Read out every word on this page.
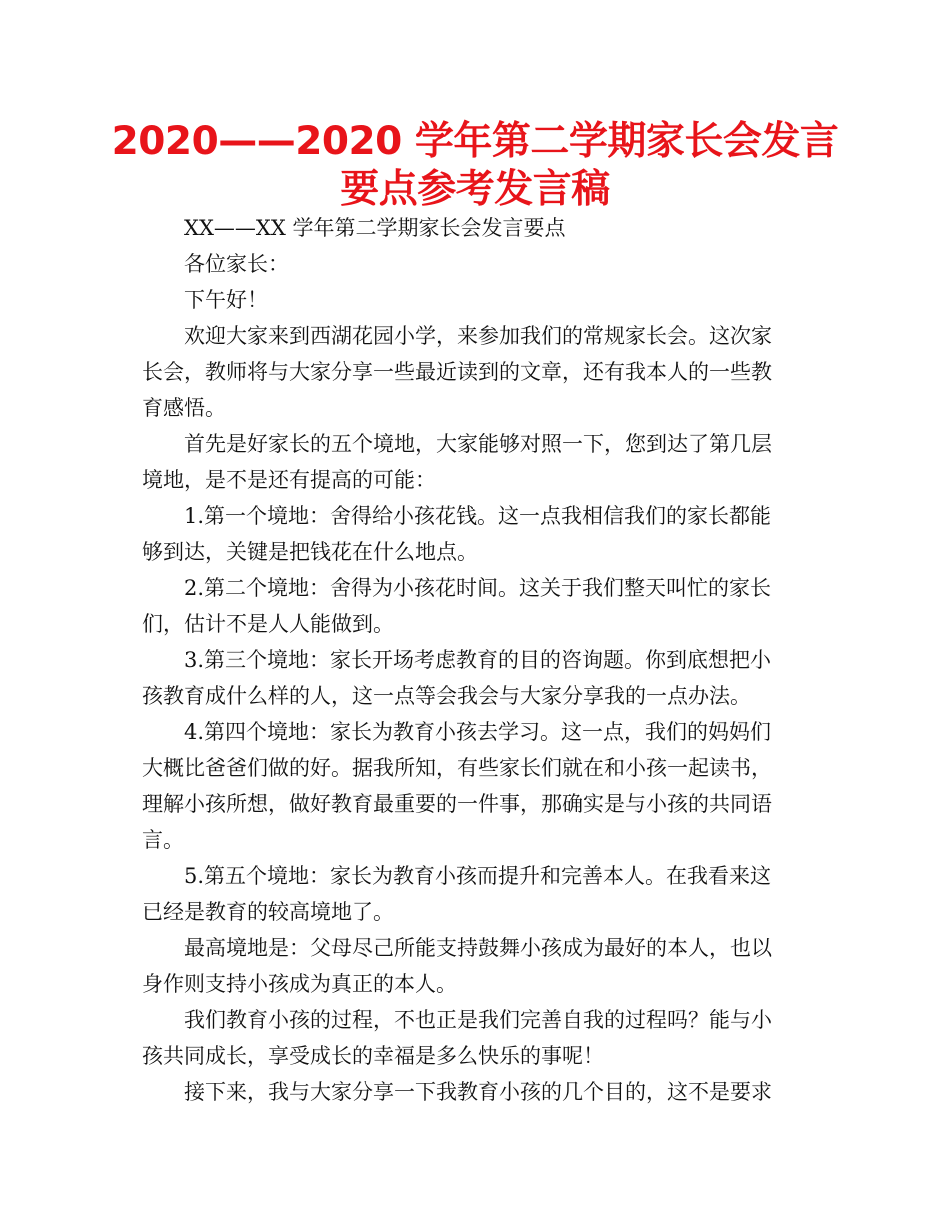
2020——2020 学年第二学期家长会发言
要点参考发言稿
XX——XX 学年第二学期家长会发言要点
各位家长：
下午好！
欢迎大家来到西湖花园小学，来参加我们的常规家长会。这次家
长会，教师将与大家分享一些最近读到的文章，还有我本人的一些教
育感悟。
首先是好家长的五个境地，大家能够对照一下，您到达了第几层
境地，是不是还有提高的可能：
1.第一个境地：舍得给小孩花钱。这一点我相信我们的家长都能
够到达，关键是把钱花在什么地点。
2.第二个境地：舍得为小孩花时间。这关于我们整天叫忙的家长
们，估计不是人人能做到。
3.第三个境地：家长开场考虑教育的目的咨询题。你到底想把小
孩教育成什么样的人，这一点等会我会与大家分享我的一点办法。
4.第四个境地：家长为教育小孩去学习。这一点，我们的妈妈们
大概比爸爸们做的好。据我所知，有些家长们就在和小孩一起读书，
理解小孩所想，做好教育最重要的一件事，那确实是与小孩的共同语
言。
5.第五个境地：家长为教育小孩而提升和完善本人。在我看来这
已经是教育的较高境地了。
最高境地是：父母尽己所能支持鼓舞小孩成为最好的本人，也以
身作则支持小孩成为真正的本人。
我们教育小孩的过程，不也正是我们完善自我的过程吗？能与小
孩共同成长，享受成长的幸福是多么快乐的事呢！
接下来，我与大家分享一下我教育小孩的几个目的，这不是要求
